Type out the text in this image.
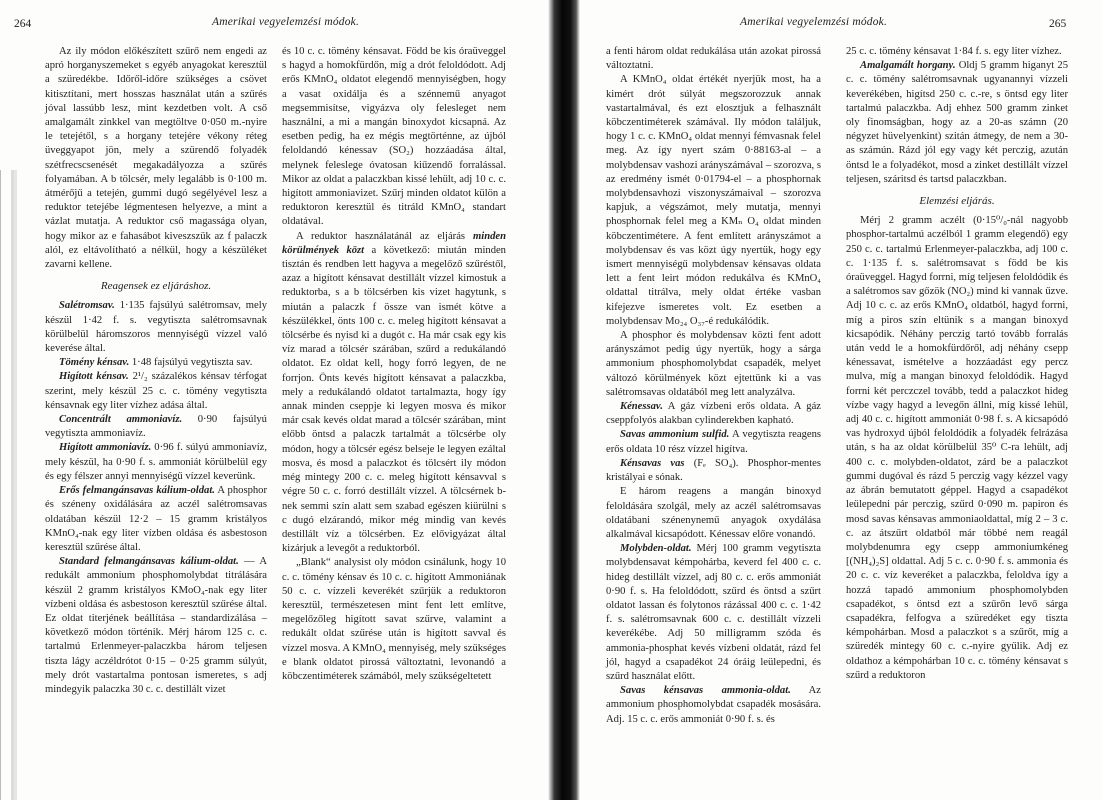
264	Amerikai vegyelemzési módok.

Az ily módon előkészített szűrő nem engedi az apró horganyszemeket s egyéb anyagokat keresztül a szüredékbe. Időről-időre szükséges a csövet kitisztítani, mert hosszas használat után a szűrés jóval lassúbb lesz, mint kezdetben volt. A cső amalgamált zinkkel van megtöltve 0·050 m.-nyire le tetejétől, s a horgany tetejére vékony réteg üveggyapot jön, mely a szürendő folyadék szétfrecscsenését megakadályozza a szűrés folyamában. A b tölcsér, mely legalább is 0·100 m. átmérőjű a tetején, gummi dugó segélyével lesz a reduktor tetejébe légmentesen helyezve, a mint a vázlat mutatja. A reduktor cső magassága olyan, hogy mikor az e fahasábot kiveszszük az f palaczk alól, ez eltávolítható a nélkül, hogy a készüléket zavarni kellene.

Reagensek ez eljáráshoz.

Salétromsav. 1·135 fajsúlyú salétromsav, mely készül 1·42 f. s. vegytiszta salétromsavnak körülbelül háromszoros mennyiségű vízzel való keverése által.

Tömény kénsav. 1·48 fajsúlyú vegytiszta sav.

Higított kénsav. 2¹/₂ százalékos kénsav térfogat szerint, mely készül 25 c. c. tömény vegytiszta kénsavnak egy liter vízhez adása által.

Concentrált ammoniavíz. 0·90 fajsúlyú vegytiszta ammoniavíz.

Higított ammoniavíz. 0·96 f. súlyú ammoniavíz, mely készül, ha 0·90 f. s. ammoniát körülbelül egy és egy félszer annyi mennyiségű vízzel keverünk.

Erős felmangánsavas kálium-oldat. A phosphor és széneny oxidálására az aczél salétromsavas oldatában készül 12·2 – 15 gramm kristályos KMnO₄-nak egy liter vízben oldása és asbestoson keresztül szűrése által.

Standard felmangánsavas kálium-oldat. — A redukált ammonium phosphomolybdat titrálására készül 2 gramm kristályos KMoO₄-nak egy liter vízbeni oldása és asbestoson keresztül szűrése által. Ez oldat titerjének beállítása – standardizálása – következő módon történik. Mérj három 125 c. c. tartalmú Erlenmeyer-palaczkba három teljesen tiszta lágy aczéldrótot 0·15 – 0·25 gramm súlyút, mely drót vastartalma pontosan ismeretes, s adj mindegyik palaczka 30 c. c. destillált vizet

és 10 c. c. tömény kénsavat. Född be kis óraüveggel s hagyd a homokfürdőn, míg a drót feloldódott. Adj erős KMnO₄ oldatot elegendő mennyiségben, hogy a vasat oxidálja és a szénnemű anyagot megsemmisítse, vigyázva oly felesleget nem használni, a mi a mangán binoxydot kicsapná. Az esetben pedig, ha ez mégis megtörténne, az újból feloldandó kénessav (SO₂) hozzáadása által, melynek feleslege óvatosan kiűzendő forralással. Mikor az oldat a palaczkban kissé lehült, adj 10 c. c. higított ammoniavizet. Szűrj minden oldatot külön a reduktoron keresztül és titráld KMnO₄ standart oldatával.

A reduktor használatánál az eljárás minden körülmények közt a következő: miután minden tisztán és rendben lett hagyva a megelőző szűréstől, azaz a higított kénsavat destillált vízzel kimostuk a reduktorba, s a b tölcsérben kis vizet hagytunk, s miután a palaczk f össze van ismét kötve a készülékkel, önts 100 c. c. meleg higított kénsavat a tölcsérbe és nyisd ki a dugót c. Ha már csak egy kis víz marad a tölcsér szárában, szűrd a redukálandó oldatot. Ez oldat kell, hogy forró legyen, de ne forrjon. Önts kevés higított kénsavat a palaczkba, mely a redukálandó oldatot tartalmazta, hogy így annak minden cseppje ki legyen mosva és mikor már csak kevés oldat marad a tölcsér szárában, mint előbb öntsd a palaczk tartalmát a tölcsérbe oly módon, hogy a tölcsér egész belseje le legyen ezáltal mosva, és mosd a palaczkot és tölcsért ily módon még mintegy 200 c. c. meleg higított kénsavval s végre 50 c. c. forró destillált vízzel. A tölcsérnek b-nek semmi szín alatt sem szabad egészen kiürülni s c dugó elzárandó, mikor még mindig van kevés destillált víz a tölcsérben. Ez elővigyázat által kizárjuk a levegőt a reduktorból.

„Blank“ analysist oly módon csinálunk, hogy 10 c. c. tömény kénsav és 10 c. c. higított Ammoniának 50 c. c. vízzeli keverékét szűrjük a reduktoron keresztül, természetesen mint fent lett említve, megelőzőleg higított savat szűrve, valamint a redukált oldat szűrése után is higított savval és vízzel mosva. A KMnO₄ mennyiség, mely szükséges e blank oldatot pirossá változtatni, levonandó a köbczentiméterek számából, mely szükségeltetett

Amerikai vegyelemzési módok.	265

a fenti három oldat redukálása után azokat pirossá változtatni.

A KMnO₄ oldat értékét nyerjük most, ha a kimért drót súlyát megszorozzuk annak vastartalmával, és ezt elosztjuk a felhasznált köbczentiméterek számával. Ily módon találjuk, hogy 1 c. c. KMnO₄ oldat mennyi fémvasnak felel meg. Az így nyert szám 0·88163-al – a molybdensav vashozi arányszámával – szorozva, s az eredmény ismét 0·01794-el – a phosphornak molybdensavhozi viszonyszámaival – szorozva kapjuk, a végszámot, mely mutatja, mennyi phosphornak felel meg a KMₙ O₄ oldat minden köbczentimétere. A fent említett arányszámot a molybdensav és vas közt úgy nyertük, hogy egy ismert mennyiségű molybdensav kénsavas oldata lett a fent leirt módon redukálva és KMnO₄ oldattal titrálva, mely oldat értéke vasban kifejezve ismeretes volt. Ez esetben a molybdensav Mo₂₄ O₃₇-é redukálódik.

A phosphor és molybdensav közti fent adott arányszámot pedig úgy nyertük, hogy a sárga ammonium phosphomolybdat csapadék, melyet változó körülmények közt ejtettünk ki a vas salétromsavas oldatából meg lett analyzálva.

Kénessav. A gáz vízbeni erős oldata. A gáz cseppfolyós alakban cylinderekben kapható.

Savas ammonium sulfid. A vegytiszta reagens erős oldata 10 rész vízzel higítva.

Kénsavas vas (Fₑ SO₄). Phosphor-mentes kristályai e sónak.

E három reagens a mangán binoxyd feloldására szolgál, mely az aczél salétromsavas oldatábani szénenynemű anyagok oxydálása alkalmával kicsapódott. Kénessav előre vonandó.

Molybden-oldat. Mérj 100 gramm vegytiszta molybdensavat kémpohárba, keverd fel 400 c. c. hideg destillált vízzel, adj 80 c. c. erős ammoniát 0·90 f. s. Ha feloldódott, szűrd és öntsd a szűrt oldatot lassan és folytonos rázással 400 c. c. 1·42 f. s. salétromsavnak 600 c. c. destillált vízzeli keverékébe. Adj 50 milligramm szóda és ammonia-phosphat kevés vízbeni oldatát, rázd fel jól, hagyd a csapadékot 24 óráig leülepedni, és szűrd használat előtt.

Savas kénsavas ammonia-oldat. Az ammonium phosphomolybdat csapadék mosására. Adj. 15 c. c. erős ammoniát 0·90 f. s. és

25 c. c. tömény kénsavat 1·84 f. s. egy liter vízhez.

Amalgamált horgany. Oldj 5 gramm higanyt 25 c. c. tömény salétromsavnak ugyanannyi vízzeli keverékében, higítsd 250 c. c.-re, s öntsd egy liter tartalmú palaczkba. Adj ehhez 500 gramm zinket oly finomságban, hogy az a 20-as számn (20 négyzet hüvelyenkint) szitán átmegy, de nem a 30-as számún. Rázd jól egy vagy két perczig, azután öntsd le a folyadékot, mosd a zinket destillált vízzel teljesen, száritsd és tartsd palaczkban.

Elemzési eljárás.

Mérj 2 gramm aczélt (0·15⁰/₀-nál nagyobb phosphor-tartalmú aczélból 1 gramm elegendő) egy 250 c. c. tartalmú Erlenmeyer-palaczkba, adj 100 c. c. 1·135 f. s. salétromsavat s född be kis óraüveggel. Hagyd forrni, míg teljesen feloldódik és a salétromos sav gőzök (NO₂) mind ki vannak űzve. Adj 10 c. c. az erős KMnO₄ oldatból, hagyd forrni, míg a piros szín eltünik s a mangan binoxyd kicsapódik. Néhány perczig tartó tovább forralás után vedd le a homokfürdőről, adj néhány csepp kénessavat, ismételve a hozzáadást egy percz mulva, míg a mangan binoxyd feloldódik. Hagyd forrni két perczczel tovább, tedd a palaczkot hideg vízbe vagy hagyd a levegőn állni, míg kissé lehül, adj 40 c. c. higított ammoniát 0·98 f. s. A kicsapódó vas hydroxyd újból feloldódik a folyadék felrázása után, s ha az oldat körülbelül 35⁰ C-ra lehült, adj 400 c. c. molybden-oldatot, zárd be a palaczkot gummi dugóval és rázd 5 perczig vagy kézzel vagy az ábrán bemutatott géppel. Hagyd a csapadékot leülepedni pár perczig, szűrd 0·090 m. papiron és mosd savas kénsavas ammoniaoldattal, míg 2 – 3 c. c. az átszűrt oldatból már többé nem reagál molybdenumra egy csepp ammoniumkéneg [(NH₄)₂S] oldattal. Adj 5 c. c. 0·90 f. s. ammonia és 20 c. c. víz keveréket a palaczkba, feloldva így a hozzá tapadó ammonium phosphomolybden csapadékot, s öntsd ezt a szűrőn levő sárga csapadékra, felfogva a szüredéket egy tiszta kémpohárban. Mosd a palaczkot s a szűrőt, míg a szüredék mintegy 60 c. c.-nyire gyűlik. Adj ez oldathoz a kémpohárban 10 c. c. tömény kénsavat s szűrd a reduktoron
